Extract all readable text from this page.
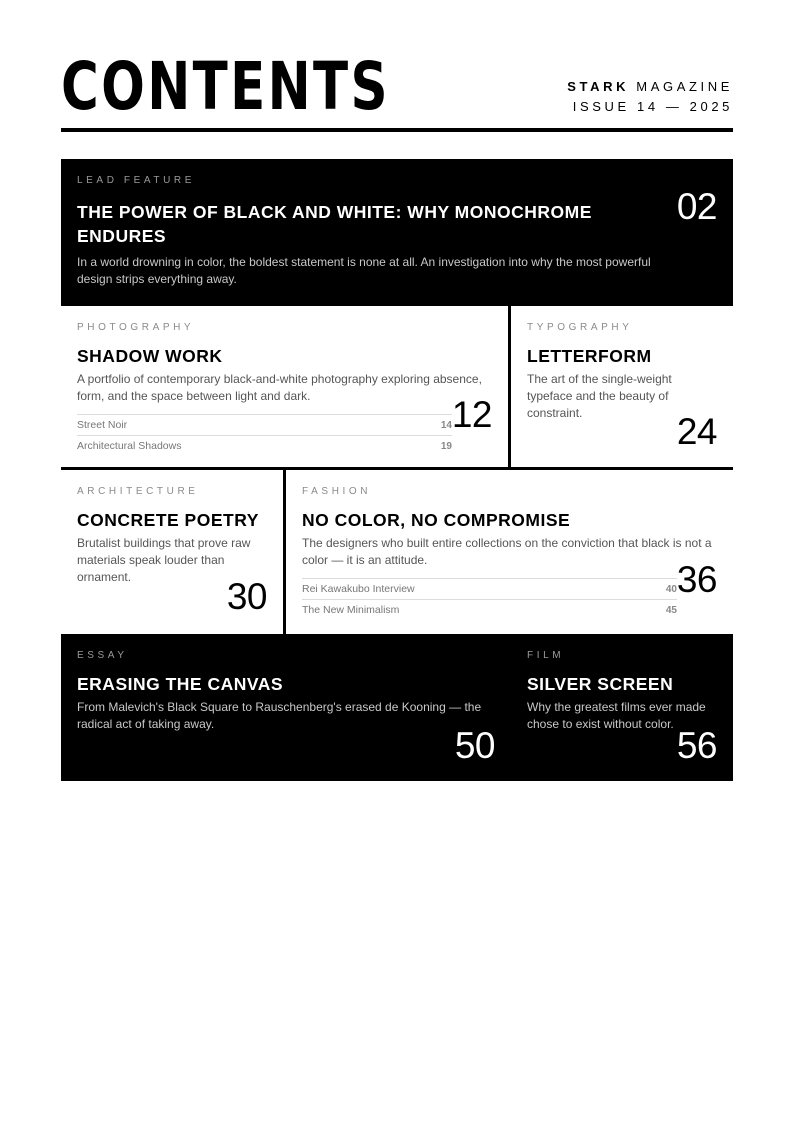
CONTENTS	STARK MAGAZINE
ISSUE 14 — 2025
LEAD FEATURE
THE POWER OF BLACK AND WHITE: WHY MONOCHROME ENDURES
In a world drowning in color, the boldest statement is none at all. An investigation into why the most powerful design strips everything away.
02
PHOTOGRAPHY
SHADOW WORK
A portfolio of contemporary black-and-white photography exploring absence, form, and the space between light and dark.
Street Noir	14
Architectural Shadows	19
12
TYPOGRAPHY
LETTERFORM
The art of the single-weight typeface and the beauty of constraint.	24
ARCHITECTURE
CONCRETE POETRY
Brutalist buildings that prove raw materials speak louder than ornament.	30
FASHION
NO COLOR, NO COMPROMISE
The designers who built entire collections on the conviction that black is not a color — it is an attitude.
Rei Kawakubo Interview	40
The New Minimalism	45
36
ESSAY
ERASING THE CANVAS
From Malevich's Black Square to Rauschenberg's erased de Kooning — the radical act of taking away.
50
FILM
SILVER SCREEN
Why the greatest films ever made chose to exist without color.
56
